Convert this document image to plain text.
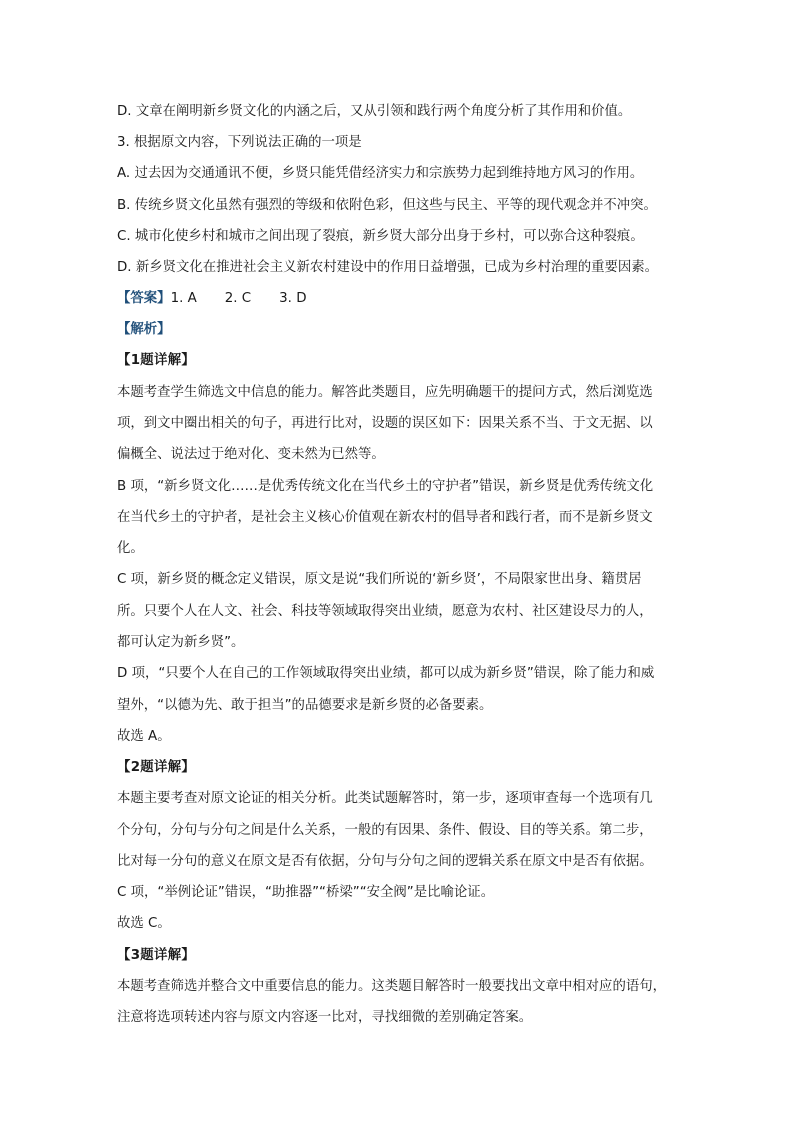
D. 文章在阐明新乡贤文化的内涵之后，又从引领和践行两个角度分析了其作用和价值。
3. 根据原文内容，下列说法正确的一项是
A. 过去因为交通通讯不便，乡贤只能凭借经济实力和宗族势力起到维持地方风习的作用。
B. 传统乡贤文化虽然有强烈的等级和依附色彩，但这些与民主、平等的现代观念并不冲突。
C. 城市化使乡村和城市之间出现了裂痕，新乡贤大部分出身于乡村，可以弥合这种裂痕。
D. 新乡贤文化在推进社会主义新农村建设中的作用日益增强，已成为乡村治理的重要因素。
【答案】1. A 2. C 3. D
【解析】
【1题详解】
本题考查学生筛选文中信息的能力。解答此类题目，应先明确题干的提问方式，然后浏览选
项，到文中圈出相关的句子，再进行比对，设题的误区如下：因果关系不当、于文无据、以
偏概全、说法过于绝对化、变未然为已然等。
B 项，“新乡贤文化……是优秀传统文化在当代乡土的守护者”错误，新乡贤是优秀传统文化
在当代乡土的守护者，是社会主义核心价值观在新农村的倡导者和践行者，而不是新乡贤文
化。
C 项，新乡贤的概念定义错误，原文是说“我们所说的‘新乡贤’，不局限家世出身、籍贯居
所。只要个人在人文、社会、科技等领域取得突出业绩，愿意为农村、社区建设尽力的人，
都可认定为新乡贤”。
D 项，“只要个人在自己的工作领域取得突出业绩，都可以成为新乡贤”错误，除了能力和威
望外，“以德为先、敢于担当”的品德要求是新乡贤的必备要素。
故选 A。
【2题详解】
本题主要考查对原文论证的相关分析。此类试题解答时，第一步，逐项审查每一个选项有几
个分句，分句与分句之间是什么关系，一般的有因果、条件、假设、目的等关系。第二步，
比对每一分句的意义在原文是否有依据，分句与分句之间的逻辑关系在原文中是否有依据。
C 项，“举例论证”错误，“助推器”“桥梁”“安全阀”是比喻论证。
故选 C。
【3题详解】
本题考查筛选并整合文中重要信息的能力。这类题目解答时一般要找出文章中相对应的语句，
注意将选项转述内容与原文内容逐一比对，寻找细微的差别确定答案。
